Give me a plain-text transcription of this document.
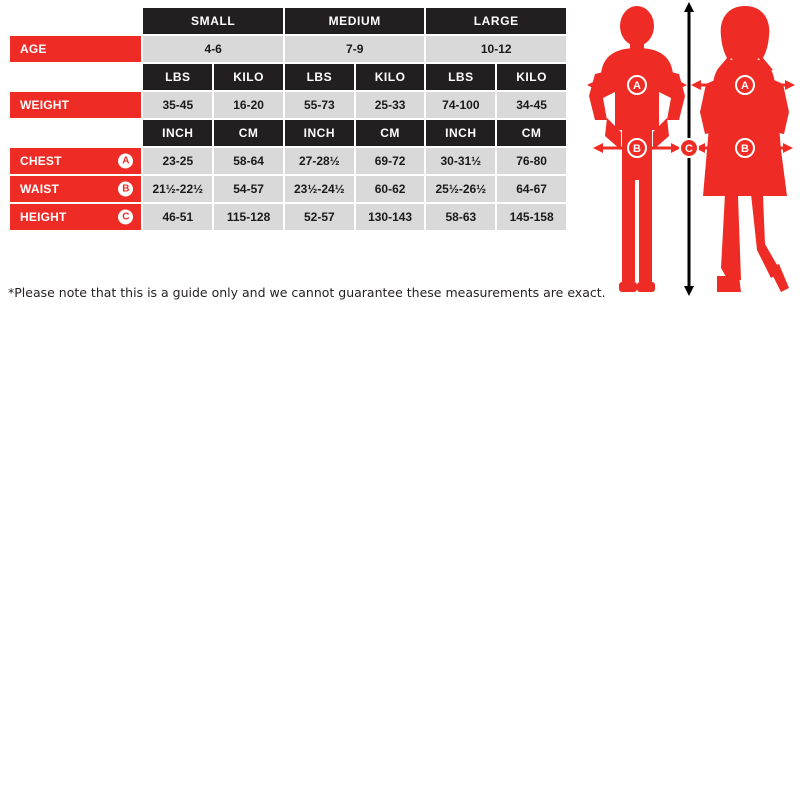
	SMALL		MEDIUM		LARGE	
AGE	4-6		7-9		10-12	
	LBS	KILO	LBS	KILO	LBS	KILO
WEIGHT	35-45	16-20	55-73	25-33	74-100	34-45
	INCH	CM	INCH	CM	INCH	CM
CHEST A	23-25	58-64	27-28½	69-72	30-31½	76-80
WAIST B	21½-22½	54-57	23½-24½	60-62	25½-26½	64-67
HEIGHT C	46-51	115-128	52-57	130-143	58-63	145-158
*Please note that this is a guide only and we cannot guarantee these measurements are exact.
A
B
A
B
C
